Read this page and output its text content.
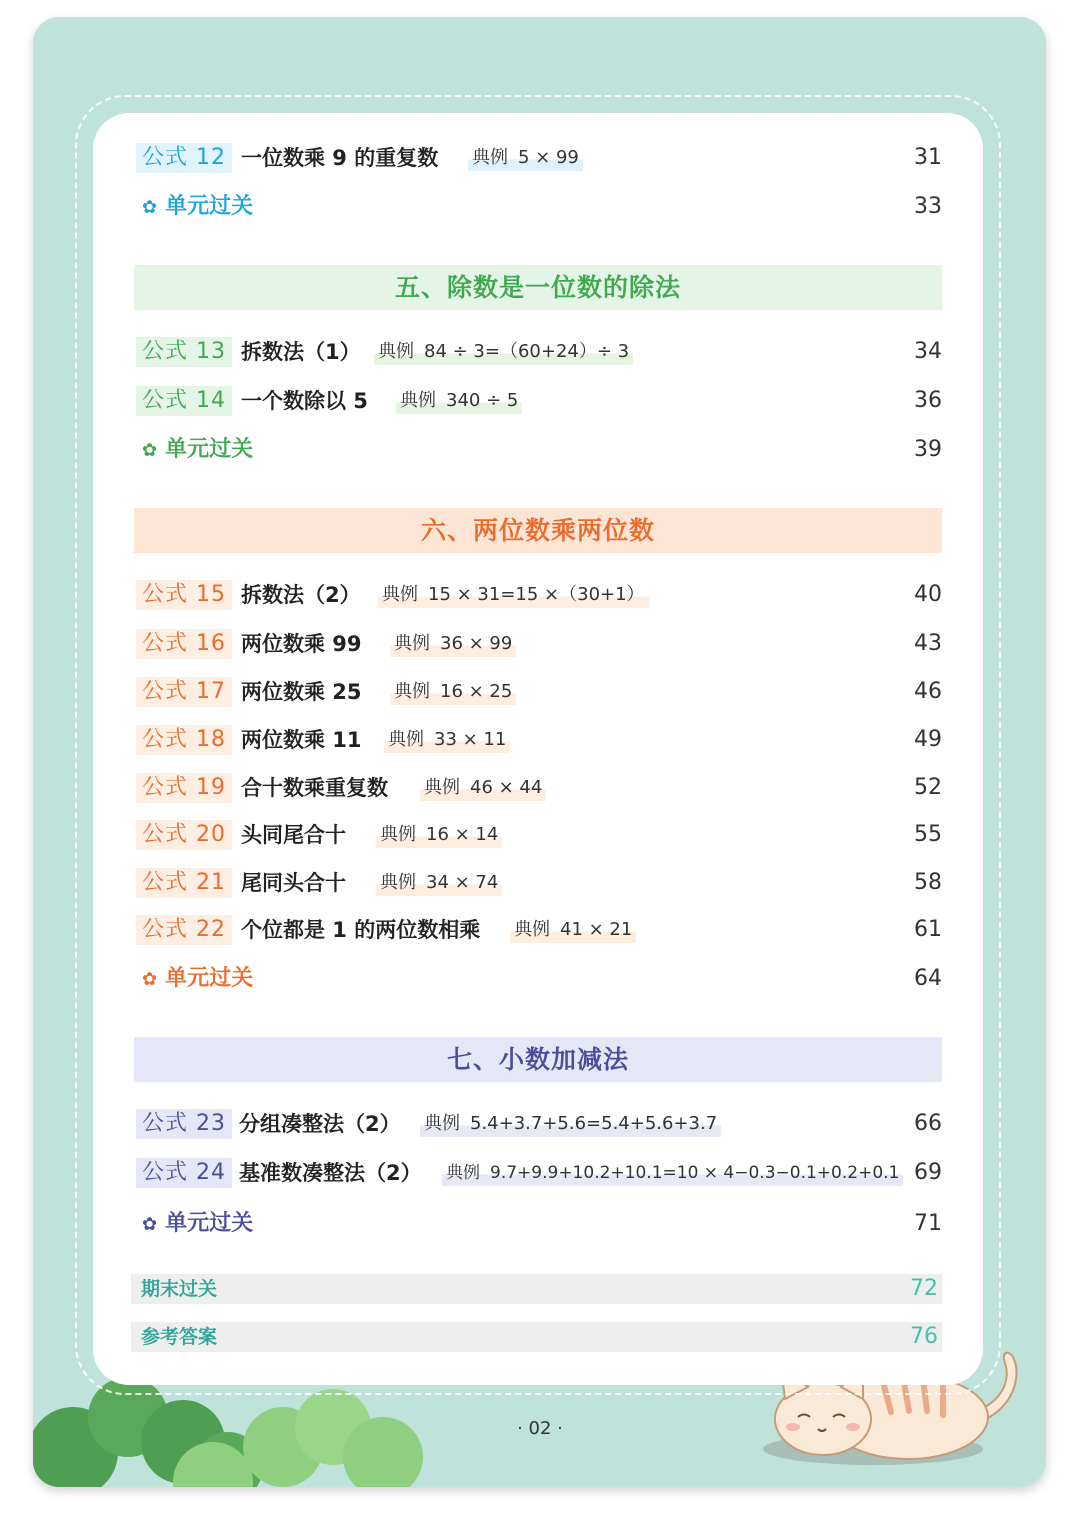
公式 12 一位数乘 9 的重复数 典例 5 × 99	31
✿ 单元过关	33
五、除数是一位数的除法
公式 13 拆数法（1） 典例 84 ÷ 3=（60+24）÷ 3	34
公式 14 一个数除以 5 典例 340 ÷ 5	36
✿ 单元过关	39
六、两位数乘两位数
公式 15 拆数法（2） 典例 15 × 31=15 ×（30+1）	40
公式 16 两位数乘 99 典例 36 × 99	43
公式 17 两位数乘 25 典例 16 × 25	46
公式 18 两位数乘 11 典例 33 × 11	49
公式 19 合十数乘重复数 典例 46 × 44	52
公式 20 头同尾合十 典例 16 × 14	55
公式 21 尾同头合十 典例 34 × 74	58
公式 22 个位都是 1 的两位数相乘 典例 41 × 21	61
✿ 单元过关	64
七、小数加减法
公式 23 分组凑整法（2） 典例 5.4+3.7+5.6=5.4+5.6+3.7	66
公式 24 基准数凑整法（2） 典例 9.7+9.9+10.2+10.1=10 × 4−0.3−0.1+0.2+0.1 69
✿ 单元过关	71
期末过关	72
参考答案	76
· 02 ·
